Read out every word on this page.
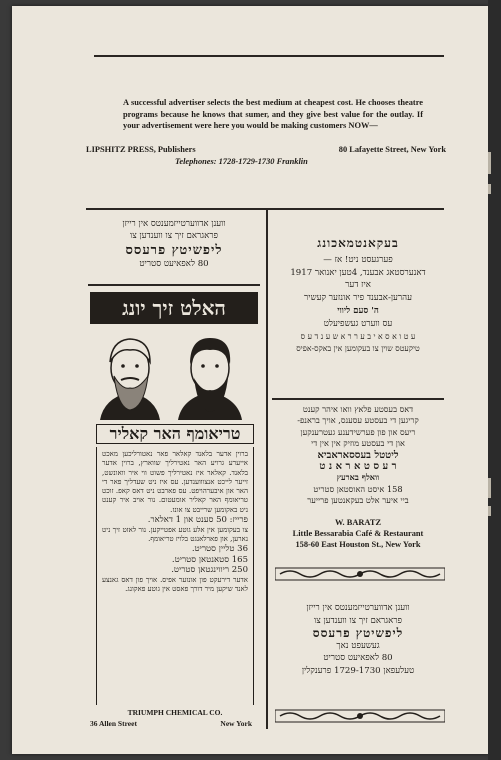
A successful advertiser selects the best medium at cheapest cost. He chooses theatre programs because he knows that sumer, and they give best value for the outlay. If your advertisement were here you would be making customers NOW—

LIPSHITZ PRESS, Publishers	80 Lafayette Street, New York
Telephones: 1728-1729-1730 Franklin
ווענן אדווערטייזמענטס אין רייזן
פראגראם זיך צו ווענדען צו
ליפשיטץ פרעסס
80 לאפאיעט סטריט
האלט זיך יונג
טריאומף האר קאליר

ברוין אדער בלאנד קאלאר פאר נאטורליכען מאכט אייערע גרויע האר נאטירליך שווארץ, ברוין אדער בלאנד. קאלאר איז נאטירליך פשוט ווי איר וואונשט, זייער לייכט אנצוווענדען. עס איז ניט שעדליך פאר די האר און איבערהויפט. עס פארבט ניט דאס קאפ. זוכט טריאומף האר קאליר אומעטום. נור אויב איר קענט ניט באקומען שרייבט צו אונז.

פרייז: 50 סענט און 1 דאלאר.

צו בעקומען אין אלע גוטע אפטייקען. נור לאזט זיך ניט נארען, און פארלאנגט בלויז טריאומף.

36 טליין סטריט.

165 סטאנטאן סטריט.

250 ריווינגטאן סטריט.

אדער דירעקט פון אונזער אפיס. אויך פון דאס גאנצע לאנד שיקען מיר דורך פאסט אין גוטע פאקונג.

TRIUMPH CHEMICAL CO.
36 Allen Street	New York
בעקאנטמאכונג
פערגעסט ניט! אז —
דאנערסטאג אבענד, 4טען יאנואר 1917
איז דער
עהרען-אבענד פיר אונזער קעשיר
ה' סעם ליווי
עס ווערט געשפיעלט
ע ט ו א ס א י ב ע ר ר א ש ע נ ד ע ס
טיקעטס שוין צו בעקומען אין באקס-אפיס
דאס בעסטע פלאץ וואו איהר קענט
קריגען די בעסטע עסענס, אויך בראנפ-
ריעס און פון פערשידענע געטרענקען
און די בעסטע מוזיק אין אין די
ליטטל בעססאראביא
ר ע ס ט א ר א נ ט
וואלף בארעץ
158 איסט האוסטאן סטריט
ביי איער אלט בעקאנטען פרייער
W. BARATZ
Little Bessarabia Café & Restaurant
158-60 East Houston St., New York
ווענן אדווערטייזמענטס אין רייזן
פראגראם זיך צו ווענדען צו
ליפשיטץ פרעסס
געשעפט נאך
80 לאפאיעט סטריט
טעלעפאן 1729-1730 פרענקלין
